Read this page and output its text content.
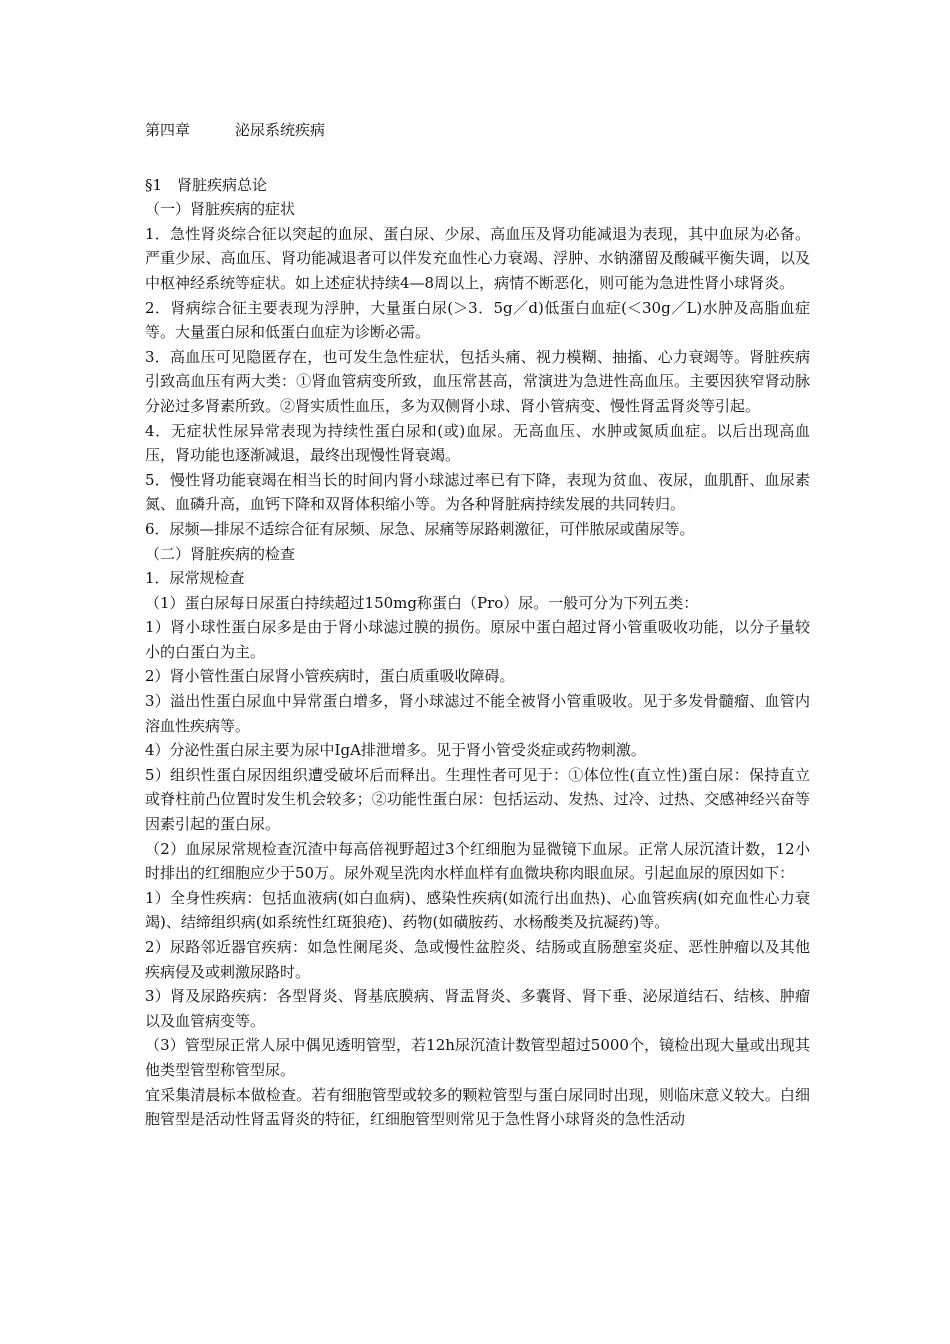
第四章　　　泌尿系统疾病

§1　肾脏疾病总论

（一）肾脏疾病的症状

1．急性肾炎综合征以突起的血尿、蛋白尿、少尿、高血压及肾功能减退为表现，其中血尿为必备。严重少尿、高血压、肾功能减退者可以伴发充血性心力衰竭、浮肿、水钠潴留及酸碱平衡失调，以及中枢神经系统等症状。如上述症状持续4—8周以上，病情不断恶化，则可能为急进性肾小球肾炎。

2．肾病综合征主要表现为浮肿，大量蛋白尿(＞3．5g／d)低蛋白血症(＜30g／L)水肿及高脂血症等。大量蛋白尿和低蛋白血症为诊断必需。

3．高血压可见隐匿存在，也可发生急性症状，包括头痛、视力模糊、抽搐、心力衰竭等。肾脏疾病引致高血压有两大类：①肾血管病变所致，血压常甚高，常演进为急进性高血压。主要因狭窄肾动脉分泌过多肾素所致。②肾实质性血压，多为双侧肾小球、肾小管病变、慢性肾盂肾炎等引起。

4．无症状性尿异常表现为持续性蛋白尿和(或)血尿。无高血压、水肿或氮质血症。以后出现高血压，肾功能也逐渐减退，最终出现慢性肾衰竭。

5．慢性肾功能衰竭在相当长的时间内肾小球滤过率已有下降，表现为贫血、夜尿，血肌酐、血尿素氮、血磷升高，血钙下降和双肾体积缩小等。为各种肾脏病持续发展的共同转归。

6．尿频—排尿不适综合征有尿频、尿急、尿痛等尿路刺激征，可伴脓尿或菌尿等。

（二）肾脏疾病的检查

1．尿常规检查

（1）蛋白尿每日尿蛋白持续超过150mg称蛋白（Pro）尿。一般可分为下列五类：

1）肾小球性蛋白尿多是由于肾小球滤过膜的损伤。原尿中蛋白超过肾小管重吸收功能，以分子量较小的白蛋白为主。

2）肾小管性蛋白尿肾小管疾病时，蛋白质重吸收障碍。

3）溢出性蛋白尿血中异常蛋白增多，肾小球滤过不能全被肾小管重吸收。见于多发骨髓瘤、血管内溶血性疾病等。

4）分泌性蛋白尿主要为尿中IgA排泄增多。见于肾小管受炎症或药物刺激。

5）组织性蛋白尿因组织遭受破坏后而释出。生理性者可见于：①体位性(直立性)蛋白尿：保持直立或脊柱前凸位置时发生机会较多；②功能性蛋白尿：包括运动、发热、过冷、过热、交感神经兴奋等因素引起的蛋白尿。

（2）血尿尿常规检查沉渣中每高倍视野超过3个红细胞为显微镜下血尿。正常人尿沉渣计数，12小时排出的红细胞应少于50万。尿外观呈洗肉水样血样有血微块称肉眼血尿。引起血尿的原因如下：

1）全身性疾病：包括血液病(如白血病)、感染性疾病(如流行出血热)、心血管疾病(如充血性心力衰竭)、结缔组织病(如系统性红斑狼疮)、药物(如磺胺药、水杨酸类及抗凝药)等。

2）尿路邻近器官疾病：如急性阑尾炎、急或慢性盆腔炎、结肠或直肠憩室炎症、恶性肿瘤以及其他疾病侵及或刺激尿路时。

3）肾及尿路疾病：各型肾炎、肾基底膜病、肾盂肾炎、多囊肾、肾下垂、泌尿道结石、结核、肿瘤以及血管病变等。

（3）管型尿正常人尿中偶见透明管型，若12h尿沉渣计数管型超过5000个，镜检出现大量或出现其他类型管型称管型尿。

宜采集清晨标本做检查。若有细胞管型或较多的颗粒管型与蛋白尿同时出现，则临床意义较大。白细胞管型是活动性肾盂肾炎的特征，红细胞管型则常见于急性肾小球肾炎的急性活动
